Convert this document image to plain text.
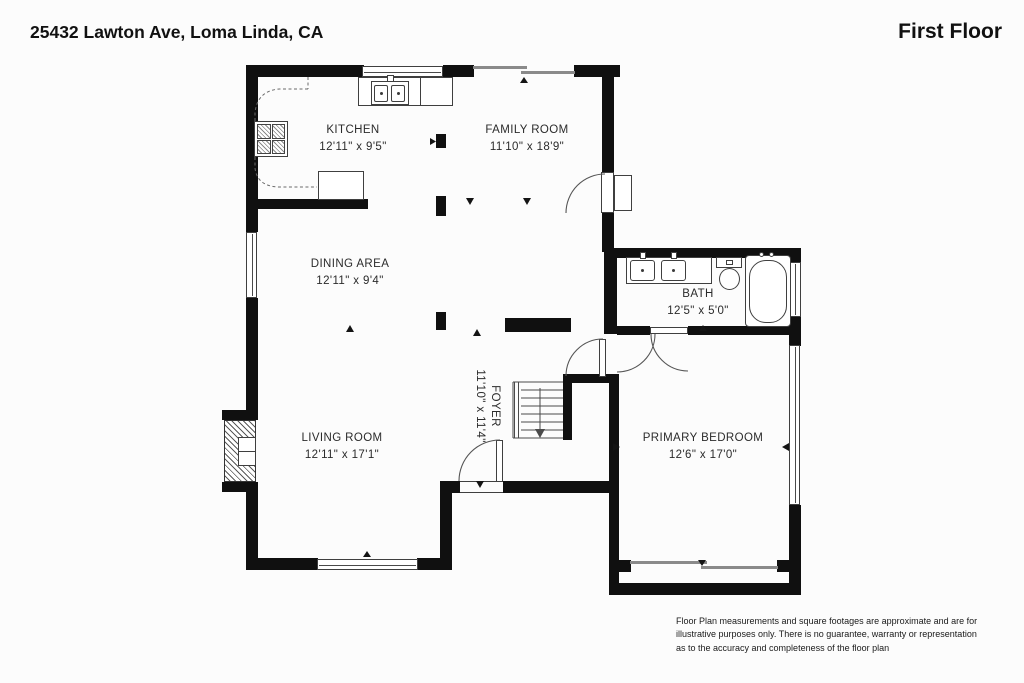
25432 Lawton Ave, Loma Linda, CA	First Floor
KITCHEN
12'11" x 9'5"
FAMILY ROOM
11'10" x 18'9"
DINING AREA
12'11" x 9'4"
BATH
12'5" x 5'0"
LIVING ROOM
12'11" x 17'1"
PRIMARY BEDROOM
12'6" x 17'0"
FOYER
11'10" x 11'4"
Floor Plan measurements and square footages are approximate and are for
illustrative purposes only. There is no guarantee, warranty or representation
as to the accuracy and completeness of the floor plan
